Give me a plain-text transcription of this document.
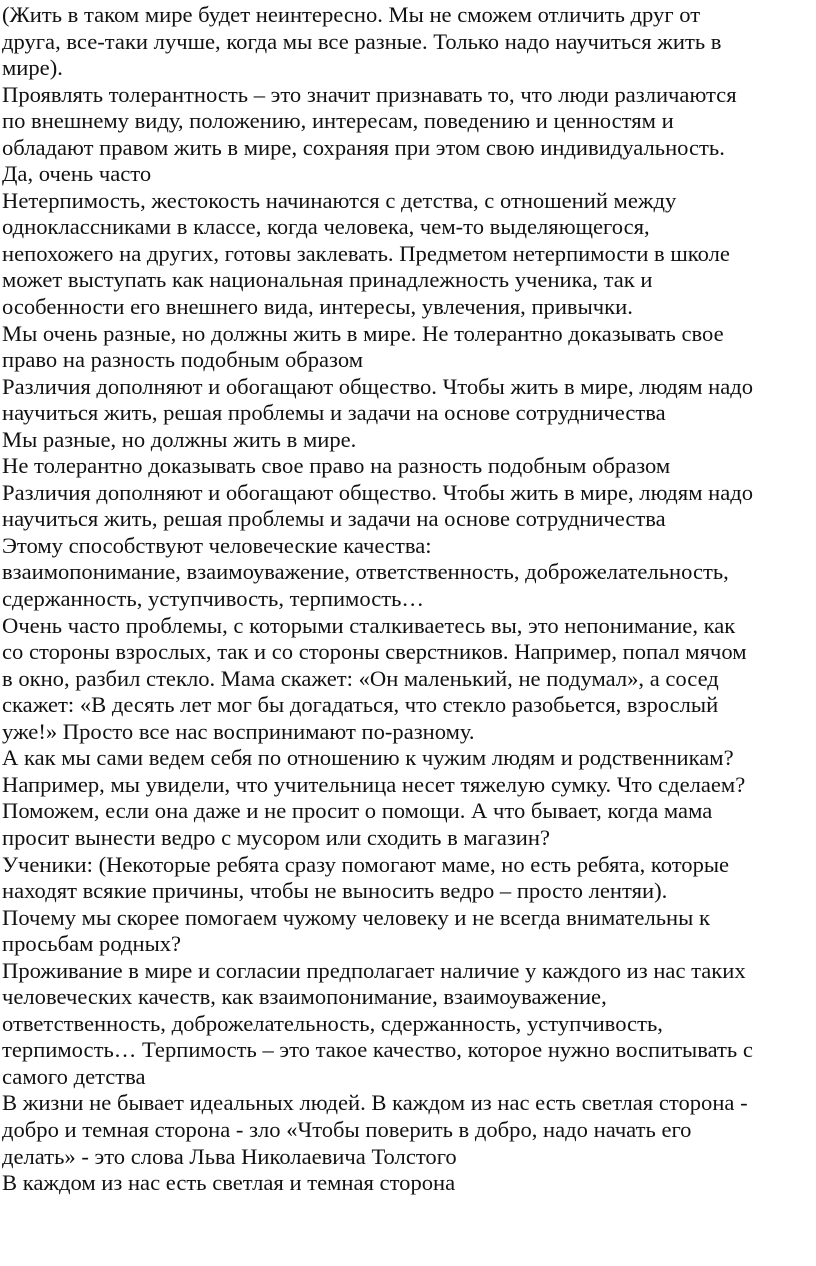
(Жить в таком мире будет неинтересно. Мы не сможем отличить друг от
друга, все-таки лучше, когда мы все разные. Только надо научиться жить в
мире).

Проявлять толерантность – это значит признавать то, что люди различаются
по внешнему виду, положению, интересам, поведению и ценностям и
обладают правом жить в мире, сохраняя при этом свою индивидуальность.

Да, очень часто

Нетерпимость, жестокость начинаются с детства, с отношений между
одноклассниками в классе, когда человека, чем-то выделяющегося,
непохожего на других, готовы заклевать. Предметом нетерпимости в школе
может выступать как национальная принадлежность ученика, так и
особенности его внешнего вида, интересы, увлечения, привычки.

Мы очень разные, но должны жить в мире. Не толерантно доказывать свое
право на разность подобным образом

Различия дополняют и обогащают общество. Чтобы жить в мире, людям надо
научиться жить, решая проблемы и задачи на основе сотрудничества

Мы разные, но должны жить в мире.

Не толерантно доказывать свое право на разность подобным образом

Различия дополняют и обогащают общество. Чтобы жить в мире, людям надо
научиться жить, решая проблемы и задачи на основе сотрудничества

Этому способствуют человеческие качества:

взаимопонимание, взаимоуважение, ответственность, доброжелательность,
сдержанность, уступчивость, терпимость…

Очень часто проблемы, с которыми сталкиваетесь вы, это непонимание, как
со стороны взрослых, так и со стороны сверстников. Например, попал мячом
в окно, разбил стекло. Мама скажет: «Он маленький, не подумал», а сосед
скажет: «В десять лет мог бы догадаться, что стекло разобьется, взрослый
уже!» Просто все нас воспринимают по-разному.

А как мы сами ведем себя по отношению к чужим людям и родственникам?
Например, мы увидели, что учительница несет тяжелую сумку. Что сделаем?
Поможем, если она даже и не просит о помощи. А что бывает, когда мама
просит вынести ведро с мусором или сходить в магазин?

Ученики: (Некоторые ребята сразу помогают маме, но есть ребята, которые
находят всякие причины, чтобы не выносить ведро – просто лентяи).

Почему мы скорее помогаем чужому человеку и не всегда внимательны к
просьбам родных?

Проживание в мире и согласии предполагает наличие у каждого из нас таких
человеческих качеств, как взаимопонимание, взаимоуважение,
ответственность, доброжелательность, сдержанность, уступчивость,
терпимость… Терпимость – это такое качество, которое нужно воспитывать с
самого детства

В жизни не бывает идеальных людей. В каждом из нас есть светлая сторона -
добро и темная сторона - зло «Чтобы поверить в добро, надо начать его
делать» - это слова Льва Николаевича Толстого

В каждом из нас есть светлая и темная сторона
